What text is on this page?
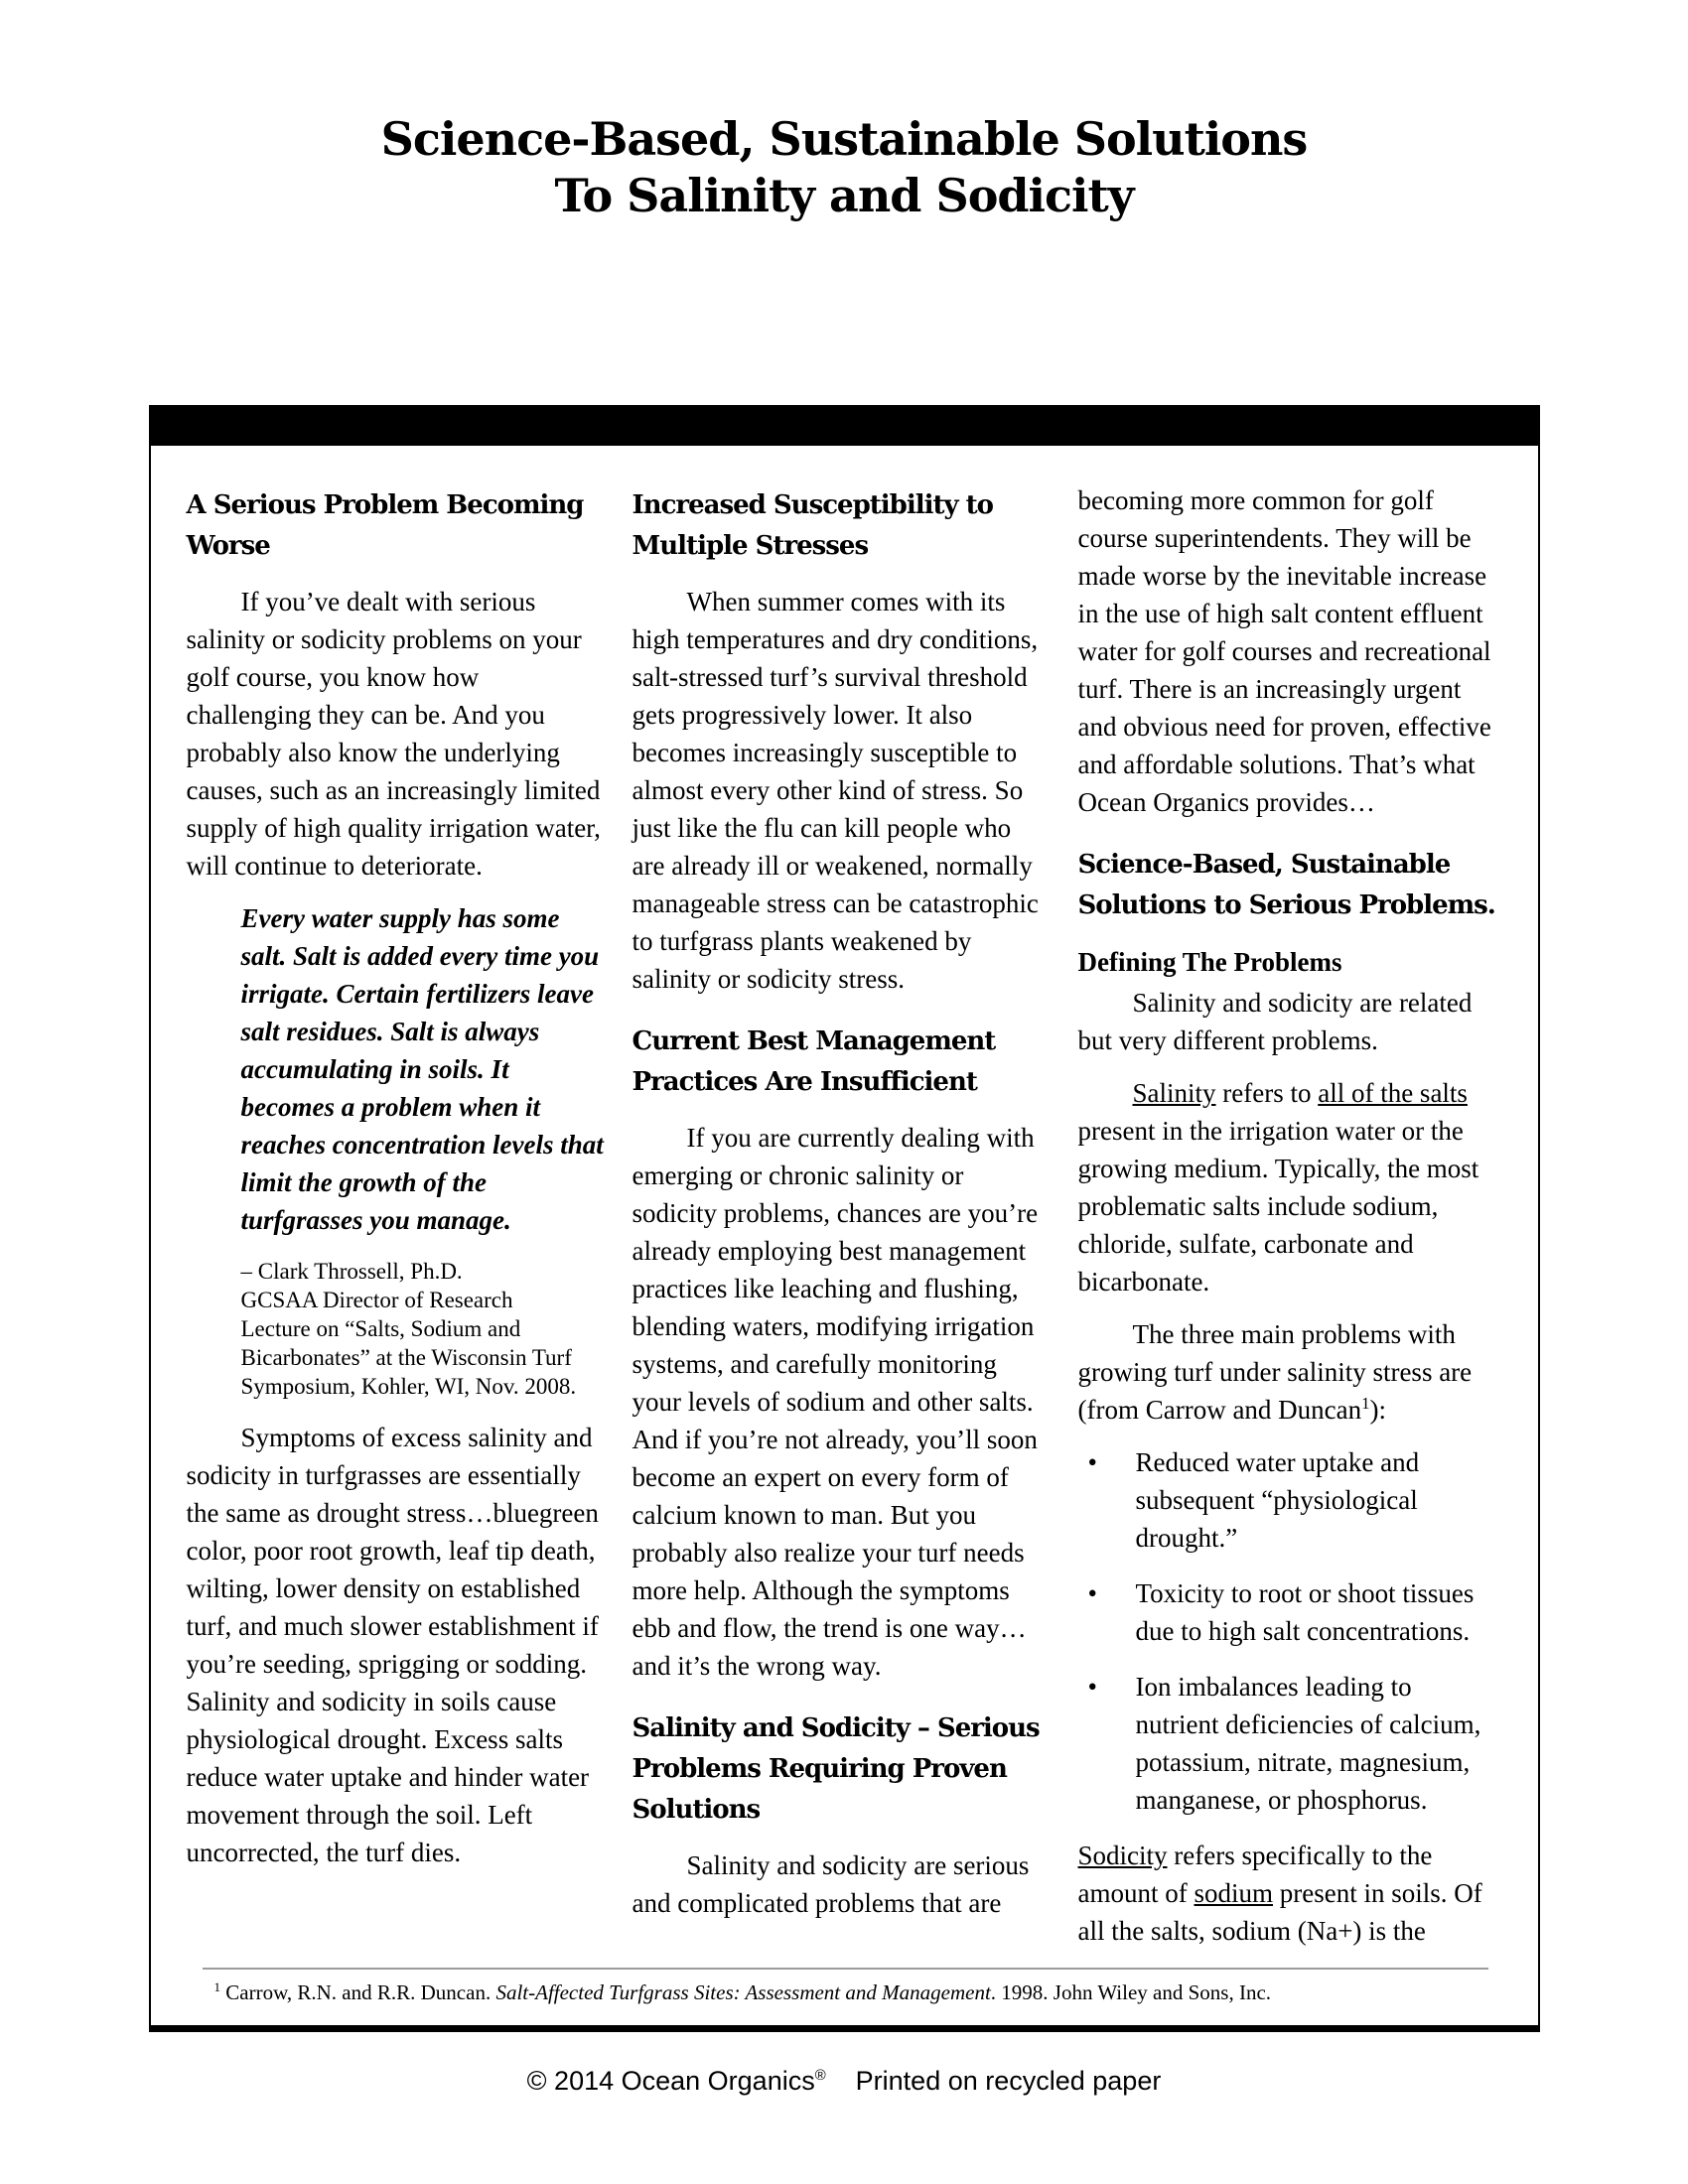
Science-Based, Sustainable Solutions
To Salinity and Sodicity
A Serious Problem Becoming Worse

If you’ve dealt with serious salinity or sodicity problems on your golf course, you know how challenging they can be. And you probably also know the underlying causes, such as an increasingly limited supply of high quality irrigation water, will continue to deteriorate.

Every water supply has some salt. Salt is added every time you irrigate. Certain fertilizers leave salt residues. Salt is always accumulating in soils. It becomes a problem when it reaches concentration levels that limit the growth of the turfgrasses you manage.
– Clark Throssell, Ph.D.
GCSAA Director of Research
Lecture on “Salts, Sodium and Bicarbonates” at the Wisconsin Turf Symposium, Kohler, WI, Nov. 2008.

Symptoms of excess salinity and sodicity in turfgrasses are essentially the same as drought stress…bluegreen color, poor root growth, leaf tip death, wilting, lower density on established turf, and much slower establishment if you’re seeding, sprigging or sodding. Salinity and sodicity in soils cause physiological drought. Excess salts reduce water uptake and hinder water movement through the soil. Left uncorrected, the turf dies.

Increased Susceptibility to Multiple Stresses

When summer comes with its high temperatures and dry conditions, salt-stressed turf’s survival threshold gets progressively lower. It also becomes increasingly susceptible to almost every other kind of stress. So just like the flu can kill people who are already ill or weakened, normally manageable stress can be catastrophic to turfgrass plants weakened by salinity or sodicity stress.

Current Best Management Practices Are Insufficient

If you are currently dealing with emerging or chronic salinity or sodicity problems, chances are you’re already employing best management practices like leaching and flushing, blending waters, modifying irrigation systems, and carefully monitoring your levels of sodium and other salts. And if you’re not already, you’ll soon become an expert on every form of calcium known to man. But you probably also realize your turf needs more help. Although the symptoms ebb and flow, the trend is one way… and it’s the wrong way.

Salinity and Sodicity – Serious Problems Requiring Proven Solutions

Salinity and sodicity are serious and complicated problems that are

becoming more common for golf course superintendents. They will be made worse by the inevitable increase in the use of high salt content effluent water for golf courses and recreational turf. There is an increasingly urgent and obvious need for proven, effective and affordable solutions. That’s what Ocean Organics provides…

Science-Based, Sustainable Solutions to Serious Problems.
Defining The Problems

Salinity and sodicity are related but very different problems.

Salinity refers to all of the salts present in the irrigation water or the growing medium. Typically, the most problematic salts include sodium, chloride, sulfate, carbonate and bicarbonate.

The three main problems with growing turf under salinity stress are (from Carrow and Duncan$^1$):

• Reduced water uptake and subsequent “physiological drought.”
• Toxicity to root or shoot tissues due to high salt concentrations.
• Ion imbalances leading to nutrient deficiencies of calcium, potassium, nitrate, magnesium, manganese, or phosphorus.

Sodicity refers specifically to the amount of sodium present in soils. Of all the salts, sodium (Na+) is the

$^1$ Carrow, R.N. and R.R. Duncan. Salt-Affected Turfgrass Sites: Assessment and Management. 1998. John Wiley and Sons, Inc.
© 2014 Ocean Organics® Printed on recycled paper
